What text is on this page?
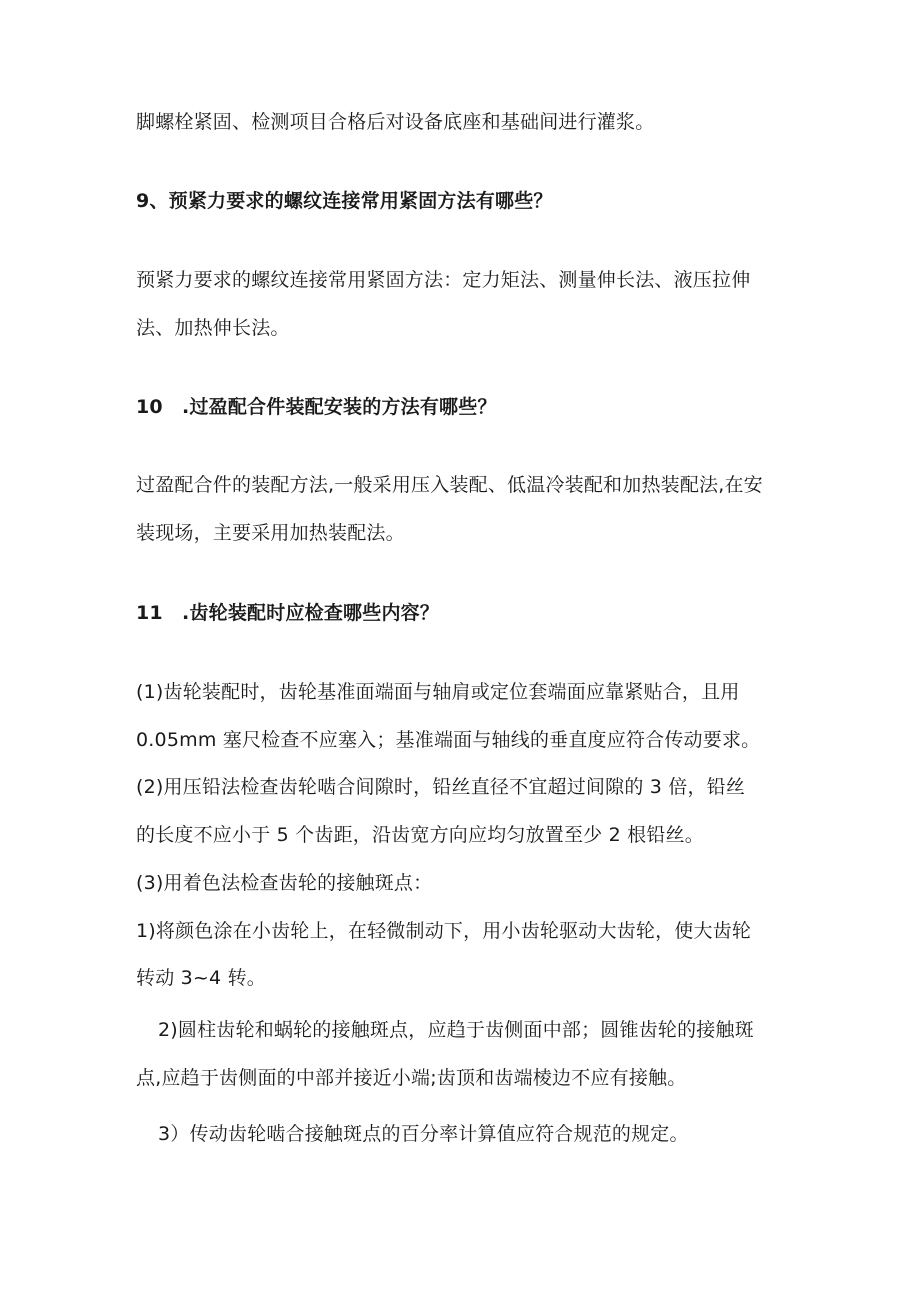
脚螺栓紧固、检测项目合格后对设备底座和基础间进行灌浆。
9、预紧力要求的螺纹连接常用紧固方法有哪些？
预紧力要求的螺纹连接常用紧固方法：定力矩法、测量伸长法、液压拉伸
法、加热伸长法。
10　.过盈配合件装配安装的方法有哪些？
过盈配合件的装配方法,一般采用压入装配、低温冷装配和加热装配法,在安
装现场，主要采用加热装配法。
11　.齿轮装配时应检查哪些内容？
(1)齿轮装配时，齿轮基准面端面与轴肩或定位套端面应靠紧贴合，且用
0.05mm 塞尺检查不应塞入；基准端面与轴线的垂直度应符合传动要求。
(2)用压铅法检查齿轮啮合间隙时，铅丝直径不宜超过间隙的 3 倍，铅丝
的长度不应小于 5 个齿距，沿齿宽方向应均匀放置至少 2 根铅丝。
(3)用着色法检查齿轮的接触斑点：
1)将颜色涂在小齿轮上，在轻微制动下，用小齿轮驱动大齿轮，使大齿轮
转动 3~4 转。
2)圆柱齿轮和蜗轮的接触斑点，应趋于齿侧面中部；圆锥齿轮的接触斑
点,应趋于齿侧面的中部并接近小端;齿顶和齿端棱边不应有接触。
3）传动齿轮啮合接触斑点的百分率计算值应符合规范的规定。
